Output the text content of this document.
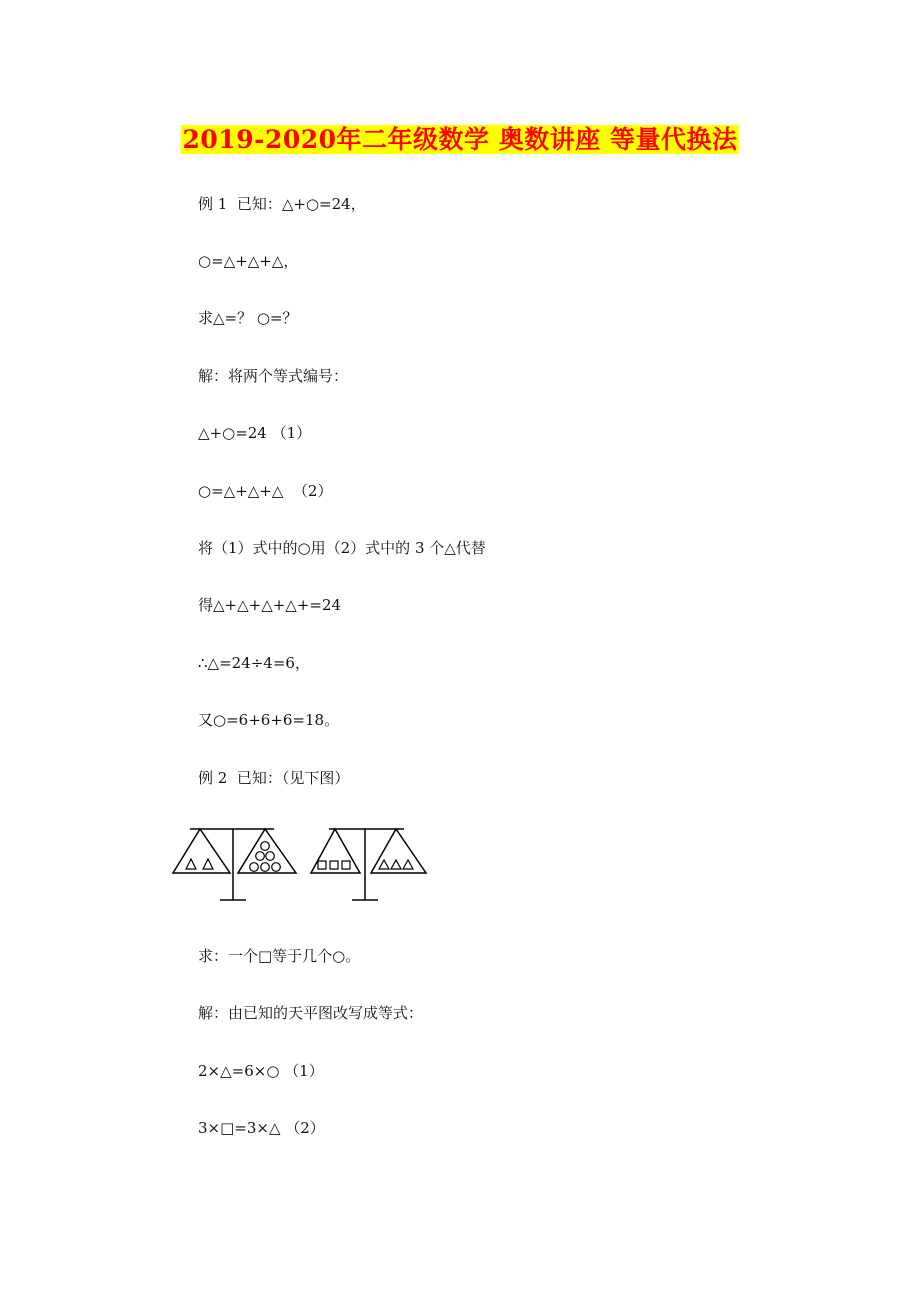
2019-2020年二年级数学 奥数讲座 等量代换法
例 1  已知：△+○=24，
○=△+△+△，
求△=？ ○=？
解：将两个等式编号：
△+○=24 （1）
○=△+△+△  （2）
将（1）式中的○用（2）式中的 3 个△代替
得△+△+△+△+=24
∴△=24÷4=6，
又○=6+6+6=18。
例 2  已知：（见下图）
求：一个□等于几个○。
解：由已知的天平图改写成等式：
2×△=6×○ （1）
3×□=3×△ （2）
